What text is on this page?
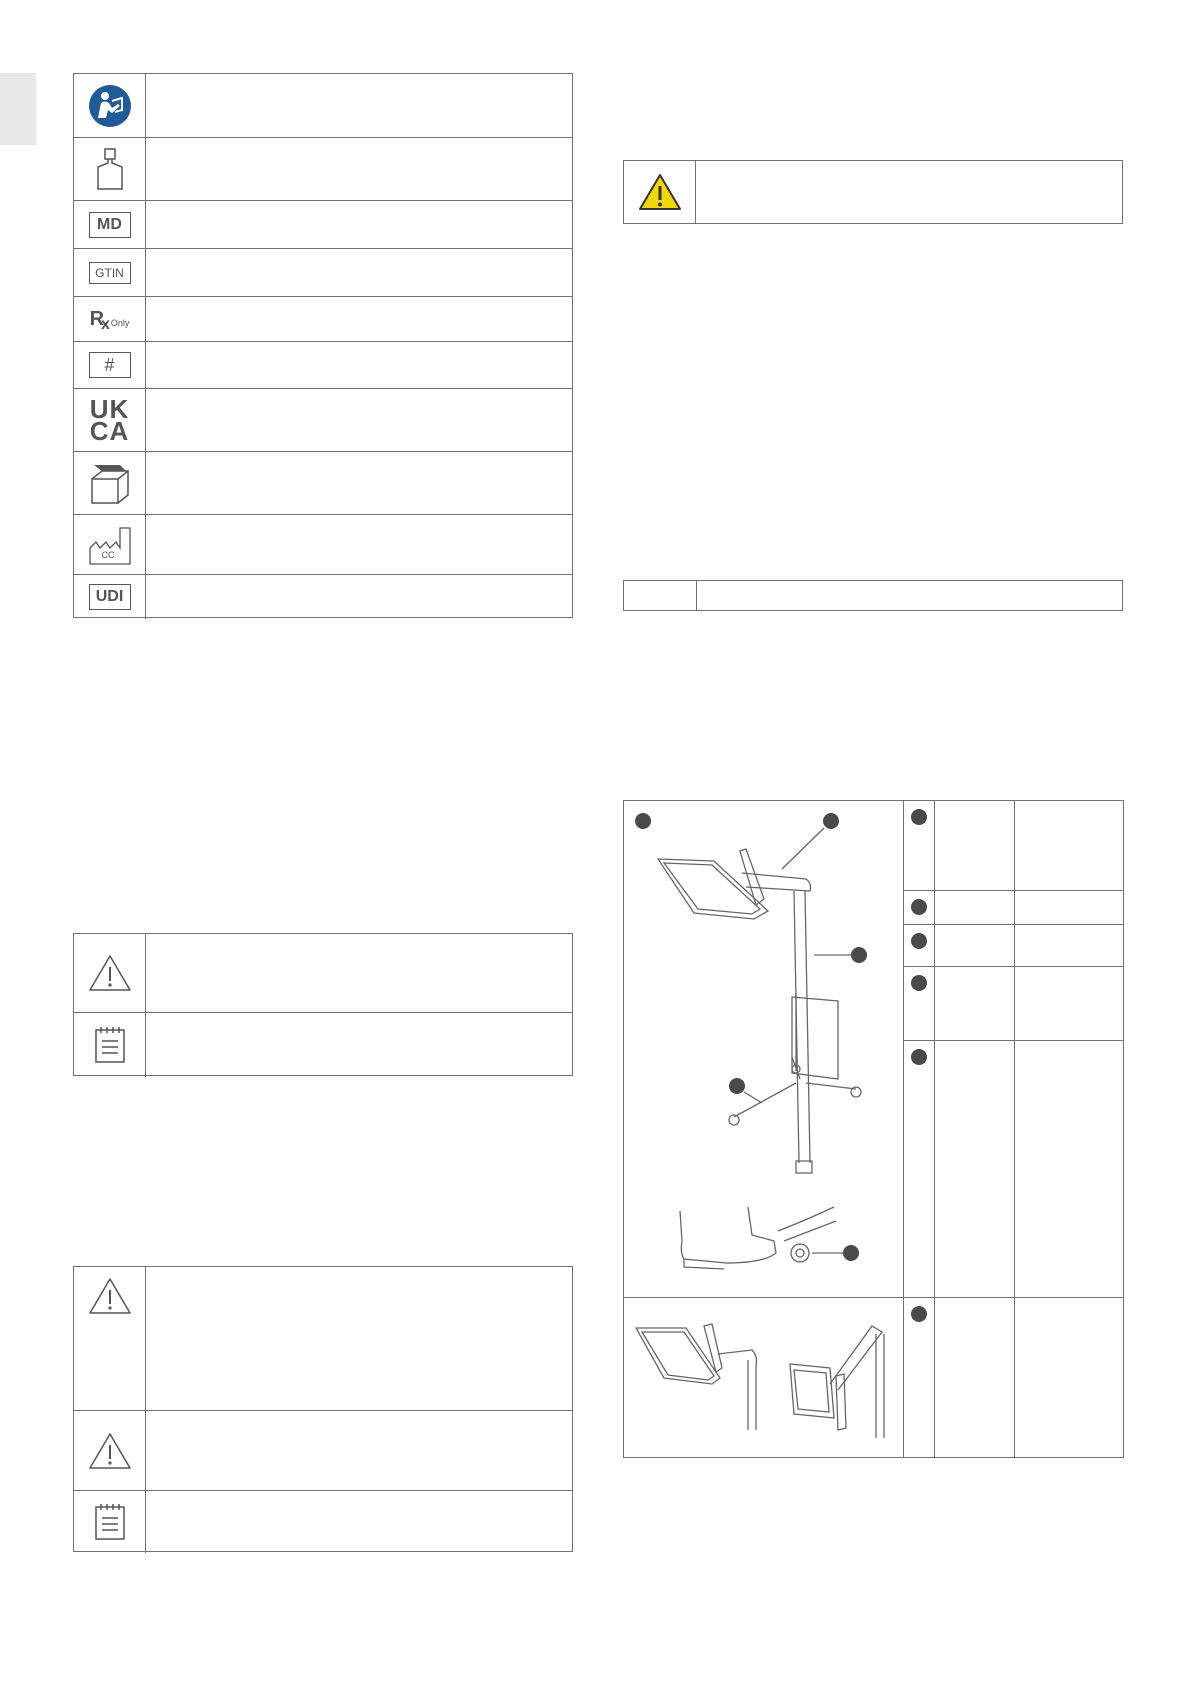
MD
GTIN
R
x Only
#
UK
CA
CC
UDI
